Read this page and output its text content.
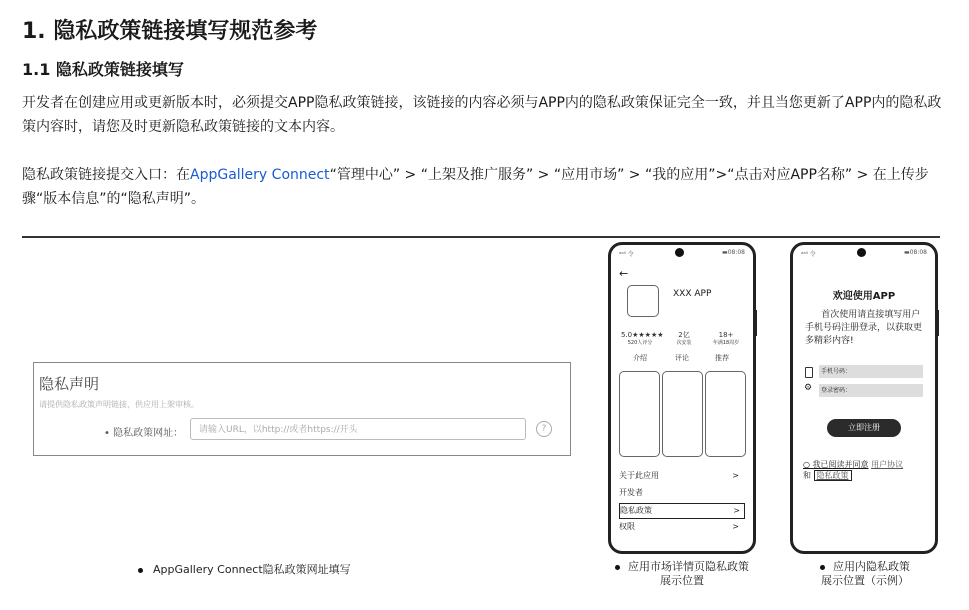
1. 隐私政策链接填写规范参考
1.1 隐私政策链接填写

开发者在创建应用或更新版本时，必须提交APP隐私政策链接，该链接的内容必须与APP内的隐私政策保证完全一致，并且当您更新了APP内的隐私政策内容时，请您及时更新隐私政策链接的文本内容。

隐私政策链接提交入口：在AppGallery Connect“管理中心” > “上架及推广服务” > “应用市场” > “我的应用”>“点击对应APP名称” > 在上传步骤“版本信息”的“隐私声明”。

隐私声明
请提供隐私政策声明链接，供应用上架审核。
• 隐私政策网址：	请输入URL，以http://或者https://开头	?
ᵃᵃˡˡ 令	▬08:08
←
XXX APP
5.0★★★★★
520人评分
2亿
次安装
18+
年满18周岁
介绍	评论	推荐
关于此应用	>
开发者
隐私政策	>
权限	>
ᵃᵃˡˡ 令	▬08:08
欢迎使用APP
首次使用请直接填写用户手机号码注册登录，以获取更多精彩内容!
手机号码：
⚙	登录密码：
立即注册
○ 我已阅读并同意 用户协议
和 隐私政策
AppGallery Connect隐私政策网址填写	应用市场详情页隐私政策
展示位置
应用内隐私政策
展示位置（示例）
